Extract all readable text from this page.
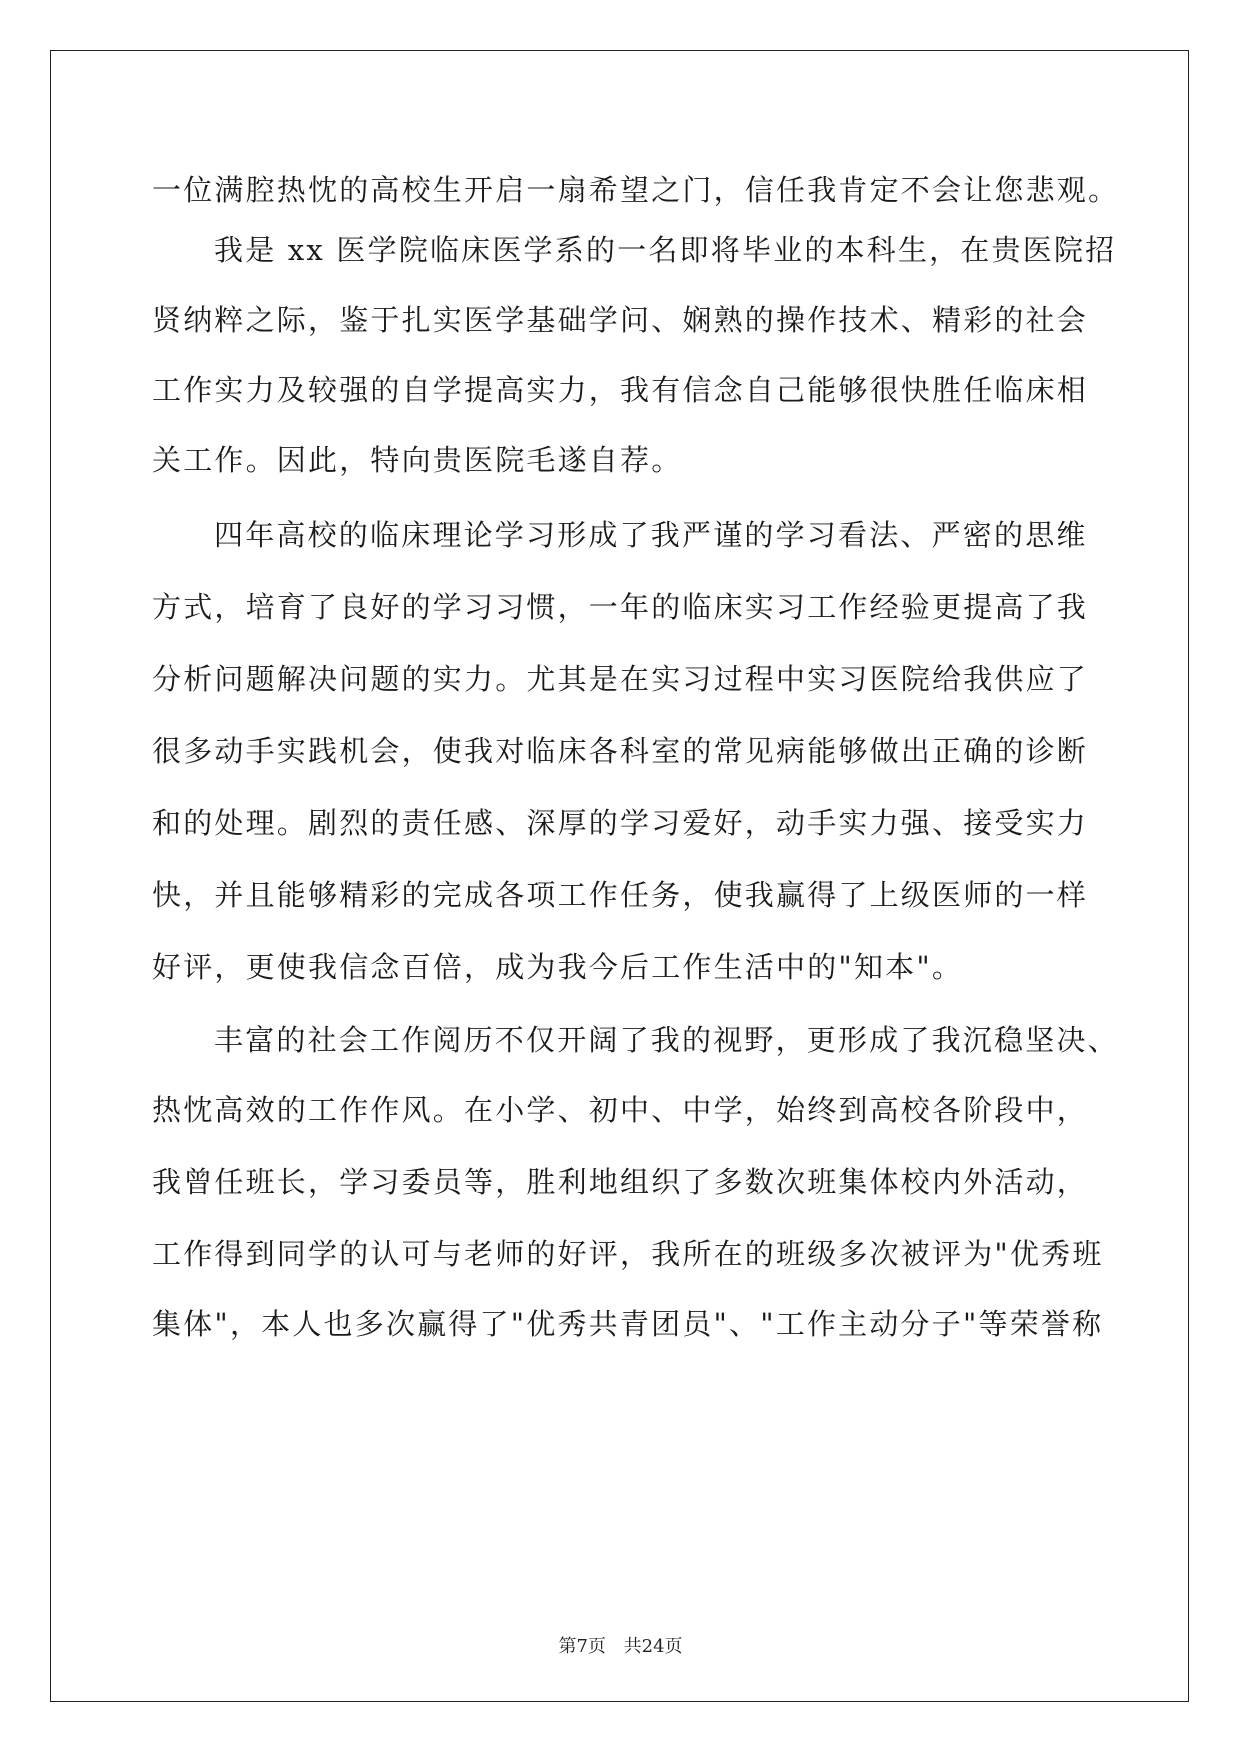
一位满腔热忱的高校生开启一扇希望之门，信任我肯定不会让您悲观。
我是 xx 医学院临床医学系的一名即将毕业的本科生，在贵医院招
贤纳粹之际，鉴于扎实医学基础学问、娴熟的操作技术、精彩的社会
工作实力及较强的自学提高实力，我有信念自己能够很快胜任临床相
关工作。因此，特向贵医院毛遂自荐。
四年高校的临床理论学习形成了我严谨的学习看法、严密的思维
方式，培育了良好的学习习惯，一年的临床实习工作经验更提高了我
分析问题解决问题的实力。尤其是在实习过程中实习医院给我供应了
很多动手实践机会，使我对临床各科室的常见病能够做出正确的诊断
和的处理。剧烈的责任感、深厚的学习爱好，动手实力强、接受实力
快，并且能够精彩的完成各项工作任务，使我赢得了上级医师的一样
好评，更使我信念百倍，成为我今后工作生活中的"知本"。
丰富的社会工作阅历不仅开阔了我的视野，更形成了我沉稳坚决、
热忱高效的工作作风。在小学、初中、中学，始终到高校各阶段中，
我曾任班长，学习委员等，胜利地组织了多数次班集体校内外活动，
工作得到同学的认可与老师的好评，我所在的班级多次被评为"优秀班
集体"，本人也多次赢得了"优秀共青团员"、"工作主动分子"等荣誉称
第7页 共24页
